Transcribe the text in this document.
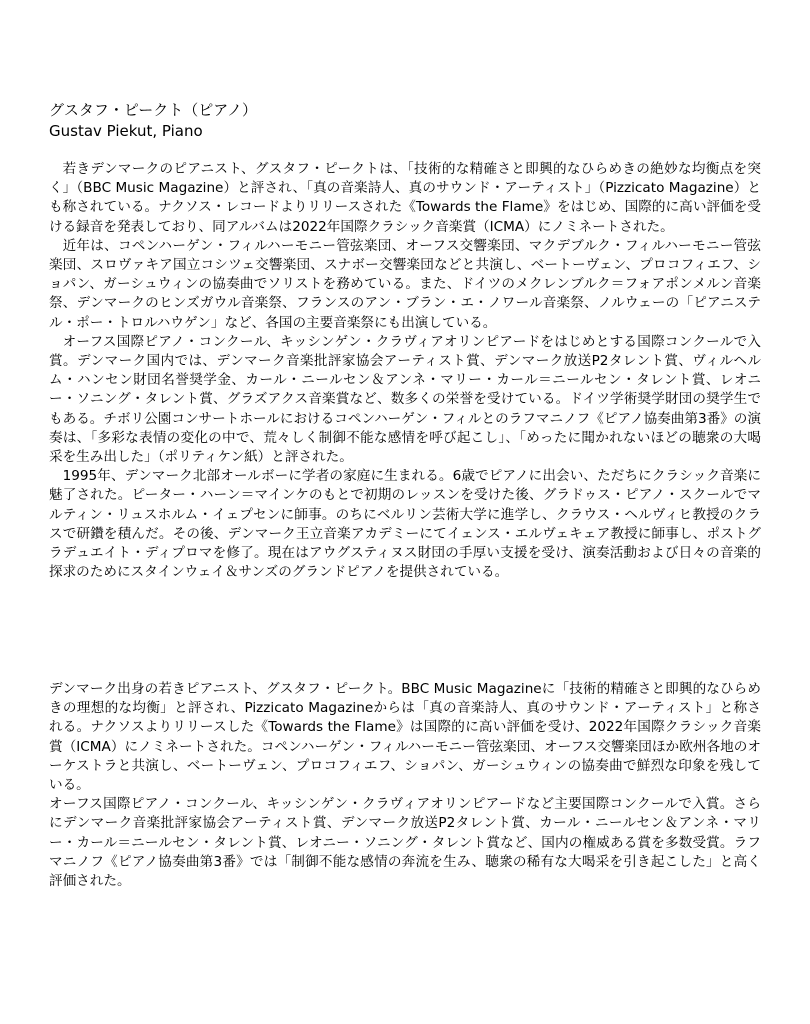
グスタフ・ピークト（ピアノ）
Gustav Piekut, Piano

若きデンマークのピアニスト、グスタフ・ピークトは、「技術的な精確さと即興的なひらめきの絶妙な均衡点を突く」（BBC Music Magazine）と評され、「真の音楽詩人、真のサウンド・アーティスト」（Pizzicato Magazine）とも称されている。ナクソス・レコードよりリリースされた《Towards the Flame》をはじめ、国際的に高い評価を受ける録音を発表しており、同アルバムは2022年国際クラシック音楽賞（ICMA）にノミネートされた。

近年は、コペンハーゲン・フィルハーモニー管弦楽団、オーフス交響楽団、マクデブルク・フィルハーモニー管弦楽団、スロヴァキア国立コシツェ交響楽団、スナボー交響楽団などと共演し、ベートーヴェン、プロコフィエフ、ショパン、ガーシュウィンの協奏曲でソリストを務めている。また、ドイツのメクレンブルク＝フォアポンメルン音楽祭、デンマークのヒンズガウル音楽祭、フランスのアン・ブラン・エ・ノワール音楽祭、ノルウェーの「ピアニステル・ポー・トロルハウゲン」など、各国の主要音楽祭にも出演している。

オーフス国際ピアノ・コンクール、キッシンゲン・クラヴィアオリンピアードをはじめとする国際コンクールで入賞。デンマーク国内では、デンマーク音楽批評家協会アーティスト賞、デンマーク放送P2タレント賞、ヴィルヘルム・ハンセン財団名誉奨学金、カール・ニールセン＆アンネ・マリー・カール＝ニールセン・タレント賞、レオニー・ソニング・タレント賞、グラズアクス音楽賞など、数多くの栄誉を受けている。ドイツ学術奨学財団の奨学生でもある。チボリ公園コンサートホールにおけるコペンハーゲン・フィルとのラフマニノフ《ピアノ協奏曲第3番》の演奏は、「多彩な表情の変化の中で、荒々しく制御不能な感情を呼び起こし」、「めったに聞かれないほどの聴衆の大喝采を生み出した」（ポリティケン紙）と評された。

1995年、デンマーク北部オールボーに学者の家庭に生まれる。6歳でピアノに出会い、ただちにクラシック音楽に魅了された。ピーター・ハーン＝マインケのもとで初期のレッスンを受けた後、グラドゥス・ピアノ・スクールでマルティン・リュスホルム・イェプセンに師事。のちにベルリン芸術大学に進学し、クラウス・ヘルヴィヒ教授のクラスで研鑽を積んだ。その後、デンマーク王立音楽アカデミーにてイェンス・エルヴェキェア教授に師事し、ポストグラデュエイト・ディプロマを修了。現在はアウグスティヌス財団の手厚い支援を受け、演奏活動および日々の音楽的探求のためにスタインウェイ＆サンズのグランドピアノを提供されている。

デンマーク出身の若きピアニスト、グスタフ・ピークト。BBC Music Magazineに「技術的精確さと即興的なひらめきの理想的な均衡」と評され、Pizzicato Magazineからは「真の音楽詩人、真のサウンド・アーティスト」と称される。ナクソスよりリリースした《Towards the Flame》は国際的に高い評価を受け、2022年国際クラシック音楽賞（ICMA）にノミネートされた。コペンハーゲン・フィルハーモニー管弦楽団、オーフス交響楽団ほか欧州各地のオーケストラと共演し、ベートーヴェン、プロコフィエフ、ショパン、ガーシュウィンの協奏曲で鮮烈な印象を残している。

オーフス国際ピアノ・コンクール、キッシンゲン・クラヴィアオリンピアードなど主要国際コンクールで入賞。さらにデンマーク音楽批評家協会アーティスト賞、デンマーク放送P2タレント賞、カール・ニールセン＆アンネ・マリー・カール＝ニールセン・タレント賞、レオニー・ソニング・タレント賞など、国内の権威ある賞を多数受賞。ラフマニノフ《ピアノ協奏曲第3番》では「制御不能な感情の奔流を生み、聴衆の稀有な大喝采を引き起こした」と高く評価された。
